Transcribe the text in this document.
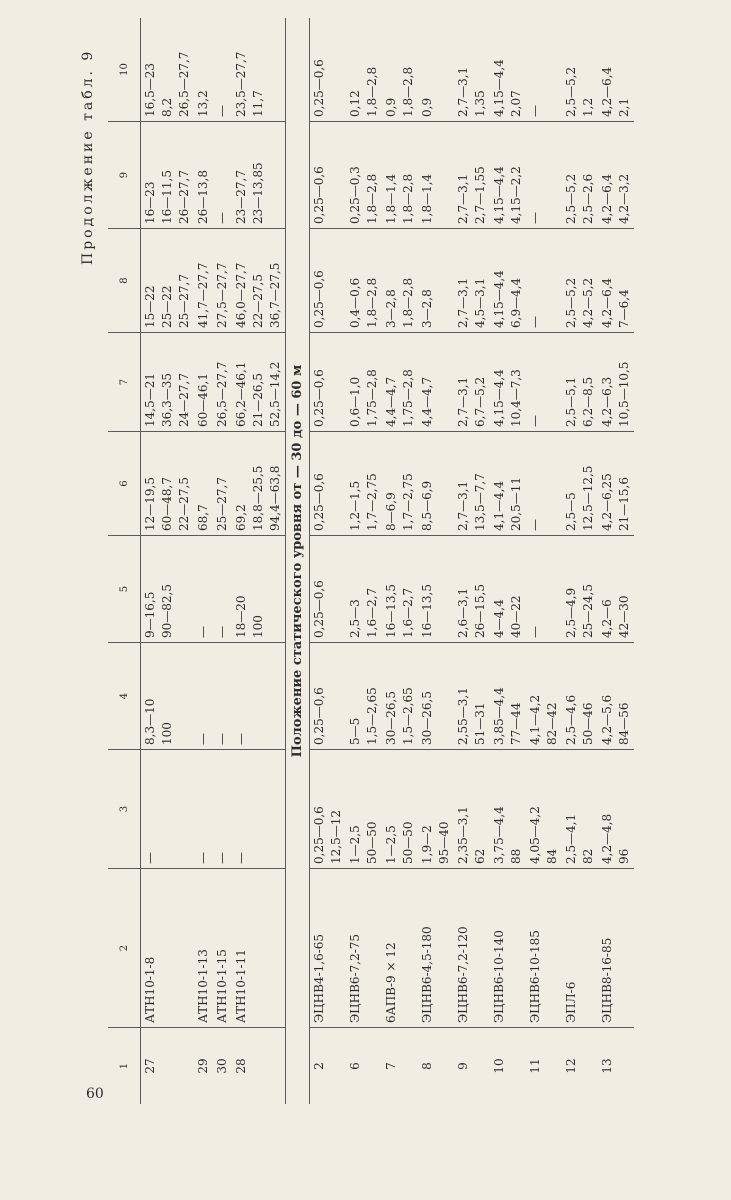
60
Продолжение табл. 9
1	2	3	4	5	6	7	8	9	10
27	АТН10-1-8	—	8,3—10 100	9—16,5 90—82,5	12—19,5 60—48,7 22—27,5	14,5—21 36,3—35 24—27,7	15—22 25—22 25—27,7	16—23 16—11,5 26—27,7	16,5—23 8,2 26,5—27,7
29	АТН10-1-13	—	—	—	68,7	60—46,1	41,7—27,7	26—13,8	13,2
30	АТН10-1-15	—	—	—	25—27,7	26,5—27,7	27,5—27,7	—	—
28	АТН10-1-11	—	—	18—20 100	69,2 18,8—25,5 94,4—63,8	66,2—46,1 21—26,5 52,5—14,2	46,0—27,7 22—27,5 36,7—27,5	23—27,7 23—13,85	23,5—27,7 11,7
Положение статического уровня от — 30 до — 60 м									
2	ЭЦНВ4-1,6-65	0,25—0,6 12,5—12	0,25—0,6	0,25—0,6	0,25—0,6	0,25—0,6	0,25—0,6	0,25—0,6	0,25—0,6
6	ЭЦНВ6-7,2-75	1—2,5 50—50	5—5 1,5—2,65	2,5—3 1,6—2,7	1,2—1,5 1,7—2,75	0,6—1,0 1,75—2,8	0,4—0,6 1,8—2,8	0,25—0,3 1,8—2,8	0,12 1,8—2,8
7	6АПВ-9 × 12	1—2,5 50—50	30—26,5 1,5—2,65	16—13,5 1,6—2,7	8—6,9 1,7—2,75	4,4—4,7 1,75—2,8	3—2,8 1,8—2,8	1,8—1,4 1,8—2,8	0,9 1,8—2,8
8	ЭЦНВ6-4,5-180	1,9—2 95—40	30—26,5	16—13,5	8,5—6,9	4,4—4,7	3—2,8	1,8—1,4	0,9
9	ЭЦНВ6-7,2-120	2,35—3,1 62	2,55—3,1 51—31	2,6—3,1 26—15,5	2,7—3,1 13,5—7,7	2,7—3,1 6,7—5,2	2,7—3,1 4,5—3,1	2,7—3,1 2,7—1,55	2,7—3,1 1,35
10	ЭЦНВ6-10-140	3,75—4,4 88	3,85—4,4 77—44	4—4,4 40—22	4,1—4,4 20,5—11	4,15—4,4 10,4—7,3	4,15—4,4 6,9—4,4	4,15—4,4 4,15—2,2	4,15—4,4 2,07
11	ЭЦНВ6-10-185	4,05—4,2 84	4,1—4,2 82—42	—	—	—	—	—	—
12	ЭПЛ-6	2,5—4,1 82	2,5—4,6 50—46	2,5—4,9 25—24,5	2,5—5 12,5—12,5	2,5—5,1 6,2—8,5	2,5—5,2 4,2—5,2	2,5—5,2 2,5—2,6	2,5—5,2 1,2
13	ЭЦНВ8-16-85	4,2—4,8 96	4,2—5,6 84—56	4,2—6 42—30	4,2—6,25 21—15,6	4,2—6,3 10,5—10,5	4,2—6,4 7—6,4	4,2—6,4 4,2—3,2	4,2—6,4 2,1
